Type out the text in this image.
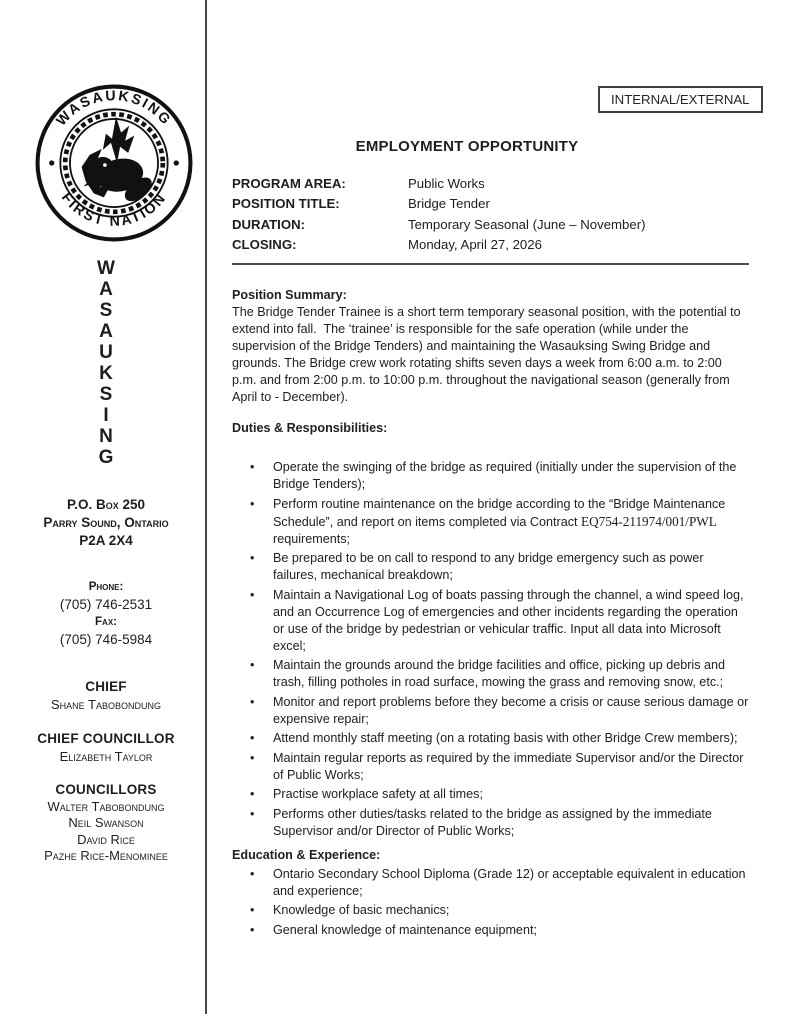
WASAUKSING
FIRST NATION
W
A
S
A
U
K
S
I
N
G
P.O. Box 250
Parry Sound, Ontario
P2A 2X4
Phone:
(705) 746-2531
Fax:
(705) 746-5984
CHIEF
Shane Tabobondung
CHIEF COUNCILLOR
Elizabeth Taylor
COUNCILLORS
Walter Tabobondung
Neil Swanson
David Rice
Pazhe Rice-Menominee
INTERNAL/EXTERNAL
EMPLOYMENT OPPORTUNITY
PROGRAM AREA:	Public Works
POSITION TITLE:	Bridge Tender
DURATION:	Temporary Seasonal (June – November)
CLOSING:	Monday, April 27, 2026
Position Summary:

The Bridge Tender Trainee is a short term temporary seasonal position, with the potential to extend into fall.  The ‘trainee’ is responsible for the safe operation (while under the supervision of the Bridge Tenders) and maintaining the Wasauksing Swing Bridge and grounds. The Bridge crew work rotating shifts seven days a week from 6:00 a.m. to 2:00 p.m. and from 2:00 p.m. to 10:00 p.m. throughout the navigational season (generally from April to - December).

Duties & Responsibilities:
• Operate the swinging of the bridge as required (initially under the supervision of the Bridge Tenders);
• Perform routine maintenance on the bridge according to the “Bridge Maintenance Schedule”, and report on items completed via Contract EQ754-211974/001/PWL  requirements;
• Be prepared to be on call to respond to any bridge emergency such as power failures, mechanical breakdown;
• Maintain a Navigational Log of boats passing through the channel, a wind speed log,  and an Occurrence Log of emergencies and other incidents regarding the operation or use of the bridge by pedestrian or vehicular traffic. Input all data into Microsoft excel;
• Maintain the grounds around the bridge facilities and office, picking up debris and trash, filling potholes in road surface, mowing the grass and removing snow, etc.;
• Monitor and report problems before they become a crisis or cause serious damage or expensive repair;
• Attend monthly staff meeting (on a rotating basis with other Bridge Crew members);
• Maintain regular reports as required by the immediate Supervisor and/or the Director of Public Works;
• Practise workplace safety at all times;
• Performs other duties/tasks related to the bridge as assigned by the immediate Supervisor and/or Director of Public Works;
Education & Experience:
• Ontario Secondary School Diploma (Grade 12) or acceptable equivalent in education and experience;
• Knowledge of basic mechanics;
• General knowledge of maintenance equipment;
